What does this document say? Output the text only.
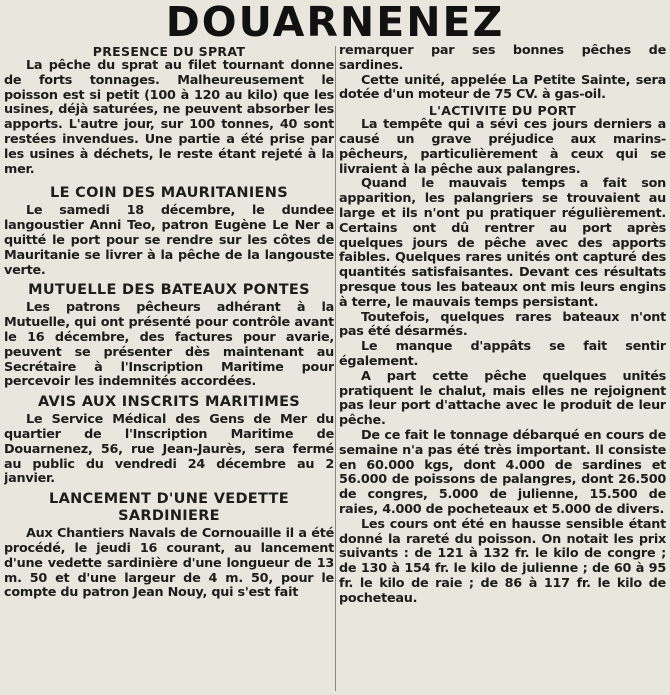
DOUARNENEZ
PRESENCE DU SPRAT

La pêche du sprat au filet tournant donne de forts tonnages. Malheureusement le poisson est si petit (100 à 120 au kilo) que les usines, déjà saturées, ne peuvent absorber les apports. L'autre jour, sur 100 tonnes, 40 sont restées invendues. Une partie a été prise par les usines à déchets, le reste étant rejeté à la mer.

LE COIN DES MAURITANIENS

Le samedi 18 décembre, le dundee langoustier Anni Teo, patron Eugène Le Ner a quitté le port pour se rendre sur les côtes de Mauritanie se livrer à la pêche de la langouste verte.

MUTUELLE DES BATEAUX PONTES

Les patrons pêcheurs adhérant à la Mutuelle, qui ont présenté pour contrôle avant le 16 décembre, des factures pour avarie, peuvent se présenter dès maintenant au Secrétaire à l'Inscription Maritime pour percevoir les indemnités accordées.

AVIS AUX INSCRITS MARITIMES

Le Service Médical des Gens de Mer du quartier de l'Inscription Maritime de Douarnenez, 56, rue Jean-Jaurès, sera fermé au public du vendredi 24 décembre au 2 janvier.

LANCEMENT D'UNE VEDETTE SARDINIERE

Aux Chantiers Navals de Cornouaille il a été procédé, le jeudi 16 courant, au lancement d'une vedette sardinière d'une longueur de 13 m. 50 et d'une largeur de 4 m. 50, pour le compte du patron Jean Nouy, qui s'est fait

remarquer par ses bonnes pêches de sardines.

Cette unité, appelée La Petite Sainte, sera dotée d'un moteur de 75 CV. à gas-oil.

L'ACTIVITE DU PORT

La tempête qui a sévi ces jours derniers a causé un grave préjudice aux marins-pêcheurs, particulièrement à ceux qui se livraient à la pêche aux palangres.

Quand le mauvais temps a fait son apparition, les palangriers se trouvaient au large et ils n'ont pu pratiquer régulièrement. Certains ont dû rentrer au port après quelques jours de pêche avec des apports faibles. Quelques rares unités ont capturé des quantités satisfaisantes. Devant ces résultats presque tous les bateaux ont mis leurs engins à terre, le mauvais temps persistant.

Toutefois, quelques rares bateaux n'ont pas été désarmés.

Le manque d'appâts se fait sentir également.

A part cette pêche quelques unités pratiquent le chalut, mais elles ne rejoignent pas leur port d'attache avec le produit de leur pêche.

De ce fait le tonnage débarqué en cours de semaine n'a pas été très important. Il consiste en 60.000 kgs, dont 4.000 de sardines et 56.000 de poissons de palangres, dont 26.500 de congres, 5.000 de julienne, 15.500 de raies, 4.000 de pocheteaux et 5.000 de divers.

Les cours ont été en hausse sensible étant donné la rareté du poisson. On notait les prix suivants : de 121 à 132 fr. le kilo de congre ; de 130 à 154 fr. le kilo de julienne ; de 60 à 95 fr. le kilo de raie ; de 86 à 117 fr. le kilo de pocheteau.
